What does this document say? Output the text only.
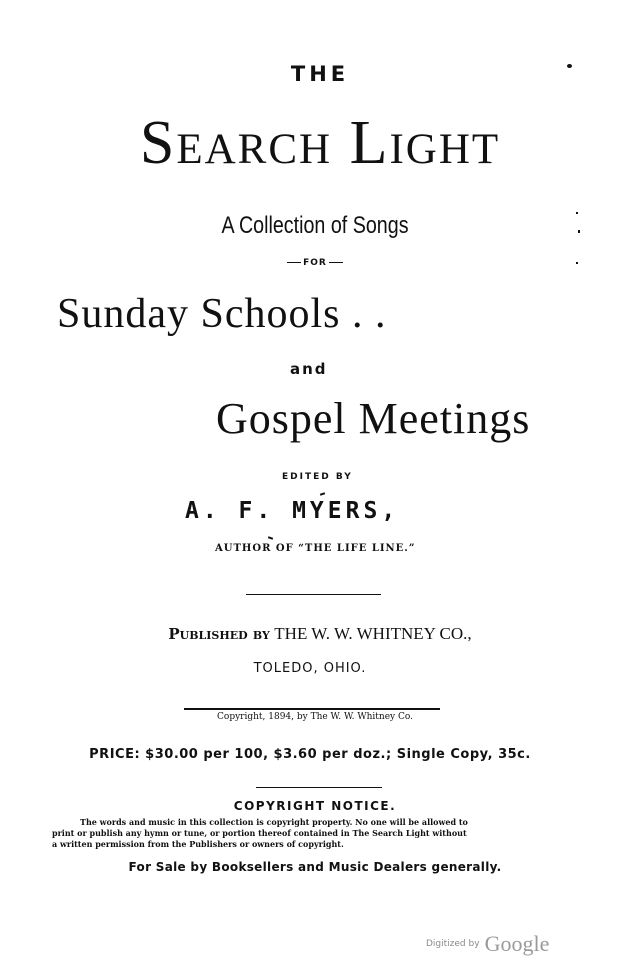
THE
Search Light
A Collection of Songs
FOR
Sunday Schools . .
and
Gospel Meetings
EDITED BY
A. F. MYERS,
AUTHOR OF “THE LIFE LINE.”
Published by THE W. W. WHITNEY CO.,
TOLEDO, OHIO.
Copyright, 1894, by The W. W. Whitney Co.
PRICE: $30.00 per 100, $3.60 per doz.; Single Copy, 35c.
COPYRIGHT NOTICE.
The words and music in this collection is copyright property. No one will be allowed to
print or publish any hymn or tune, or portion thereof contained in The Search Light without
a written permission from the Publishers or owners of copyright.
For Sale by Booksellers and Music Dealers generally.
Digitized by Google
